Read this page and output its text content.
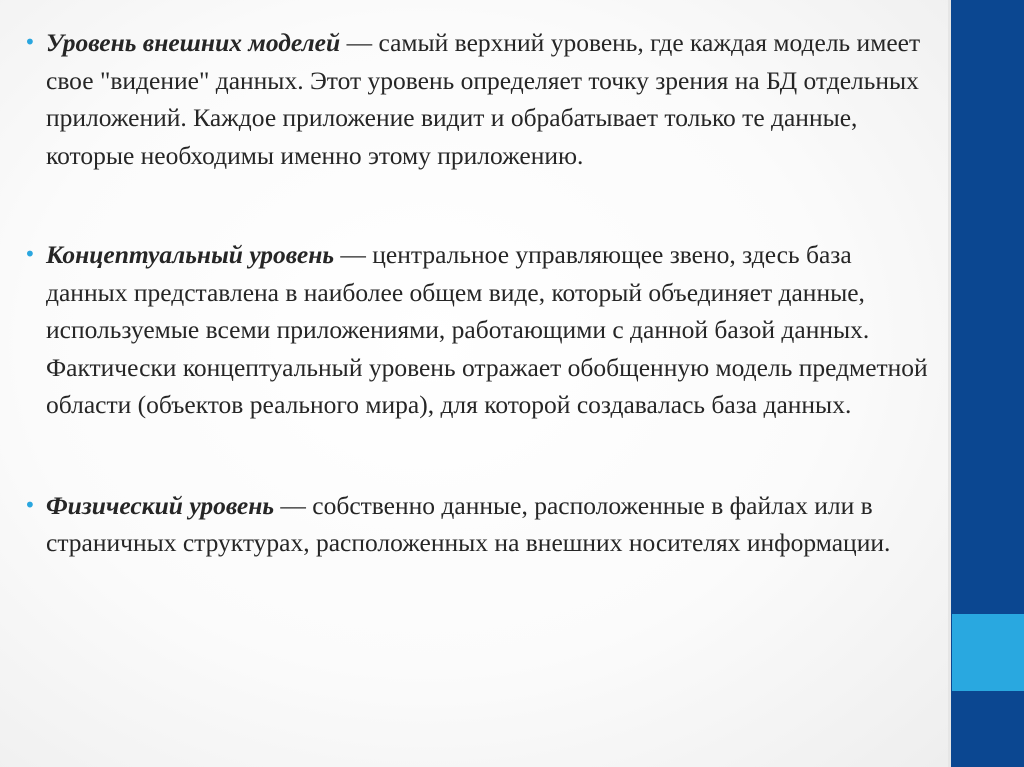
• Уровень внешних моделей — самый верхний уровень, где каждая модель имеет свое "видение" данных. Этот уровень определяет точку зрения на БД отдельных приложений. Каждое приложение видит и обрабатывает только те данные, которые необходимы именно этому приложению.

• Концептуальный уровень — центральное управляющее звено, здесь база данных представлена в наиболее общем виде, который объединяет данные, используемые всеми приложениями, работающими с данной базой данных. Фактически концептуальный уровень отражает обобщенную модель предметной области (объектов реального мира), для которой создавалась база данных.

• Физический уровень — собственно данные, расположенные в файлах или в страничных структурах, расположенных на внешних носителях информации.
